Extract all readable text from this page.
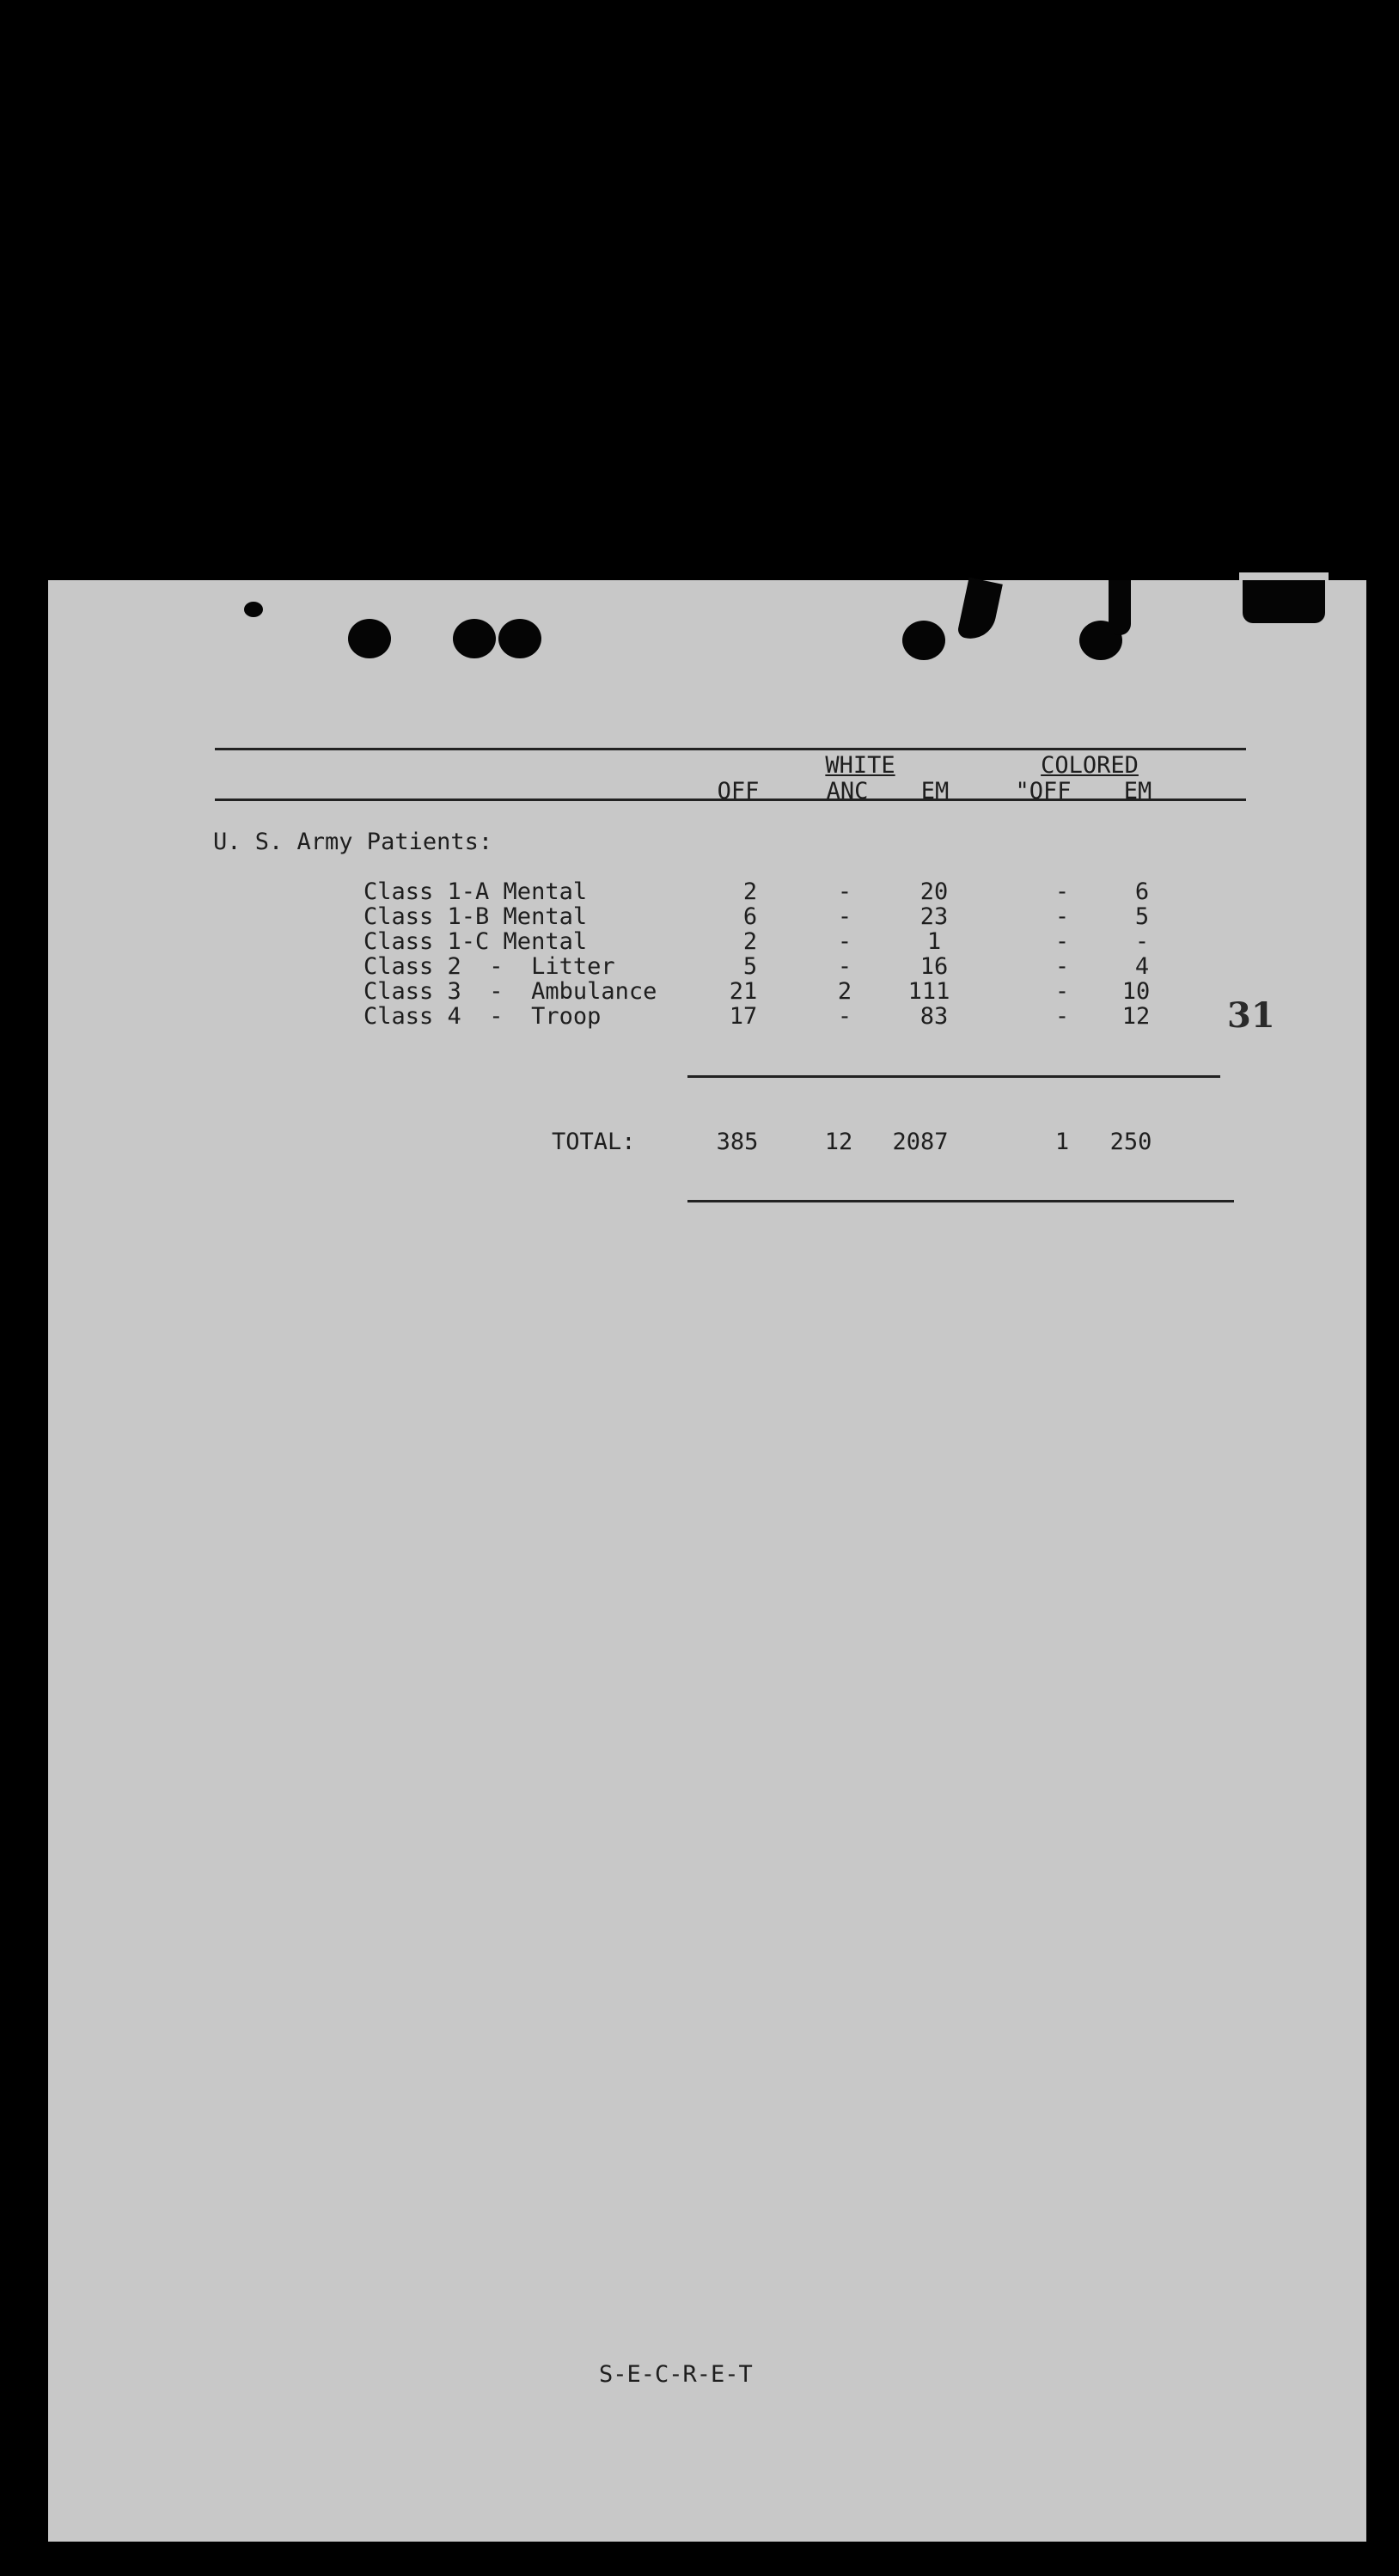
WHITE	COLORED
OFF	ANC EM	"OFF EM
U. S. Army Patients:
Class 1-A Mental	2	-	20	-	6
Class 1-B Mental	6	-	23	-	5
Class 1-C Mental	2	-	1	-	-
Class 2  -  Litter	5	-	16	-	4
Class 3  -  Ambulance	21	2 111	- 10
Class 4  -  Troop	17	-	83	- 12 31
TOTAL:	385	12 2087	1 250
S-E-C-R-E-T
